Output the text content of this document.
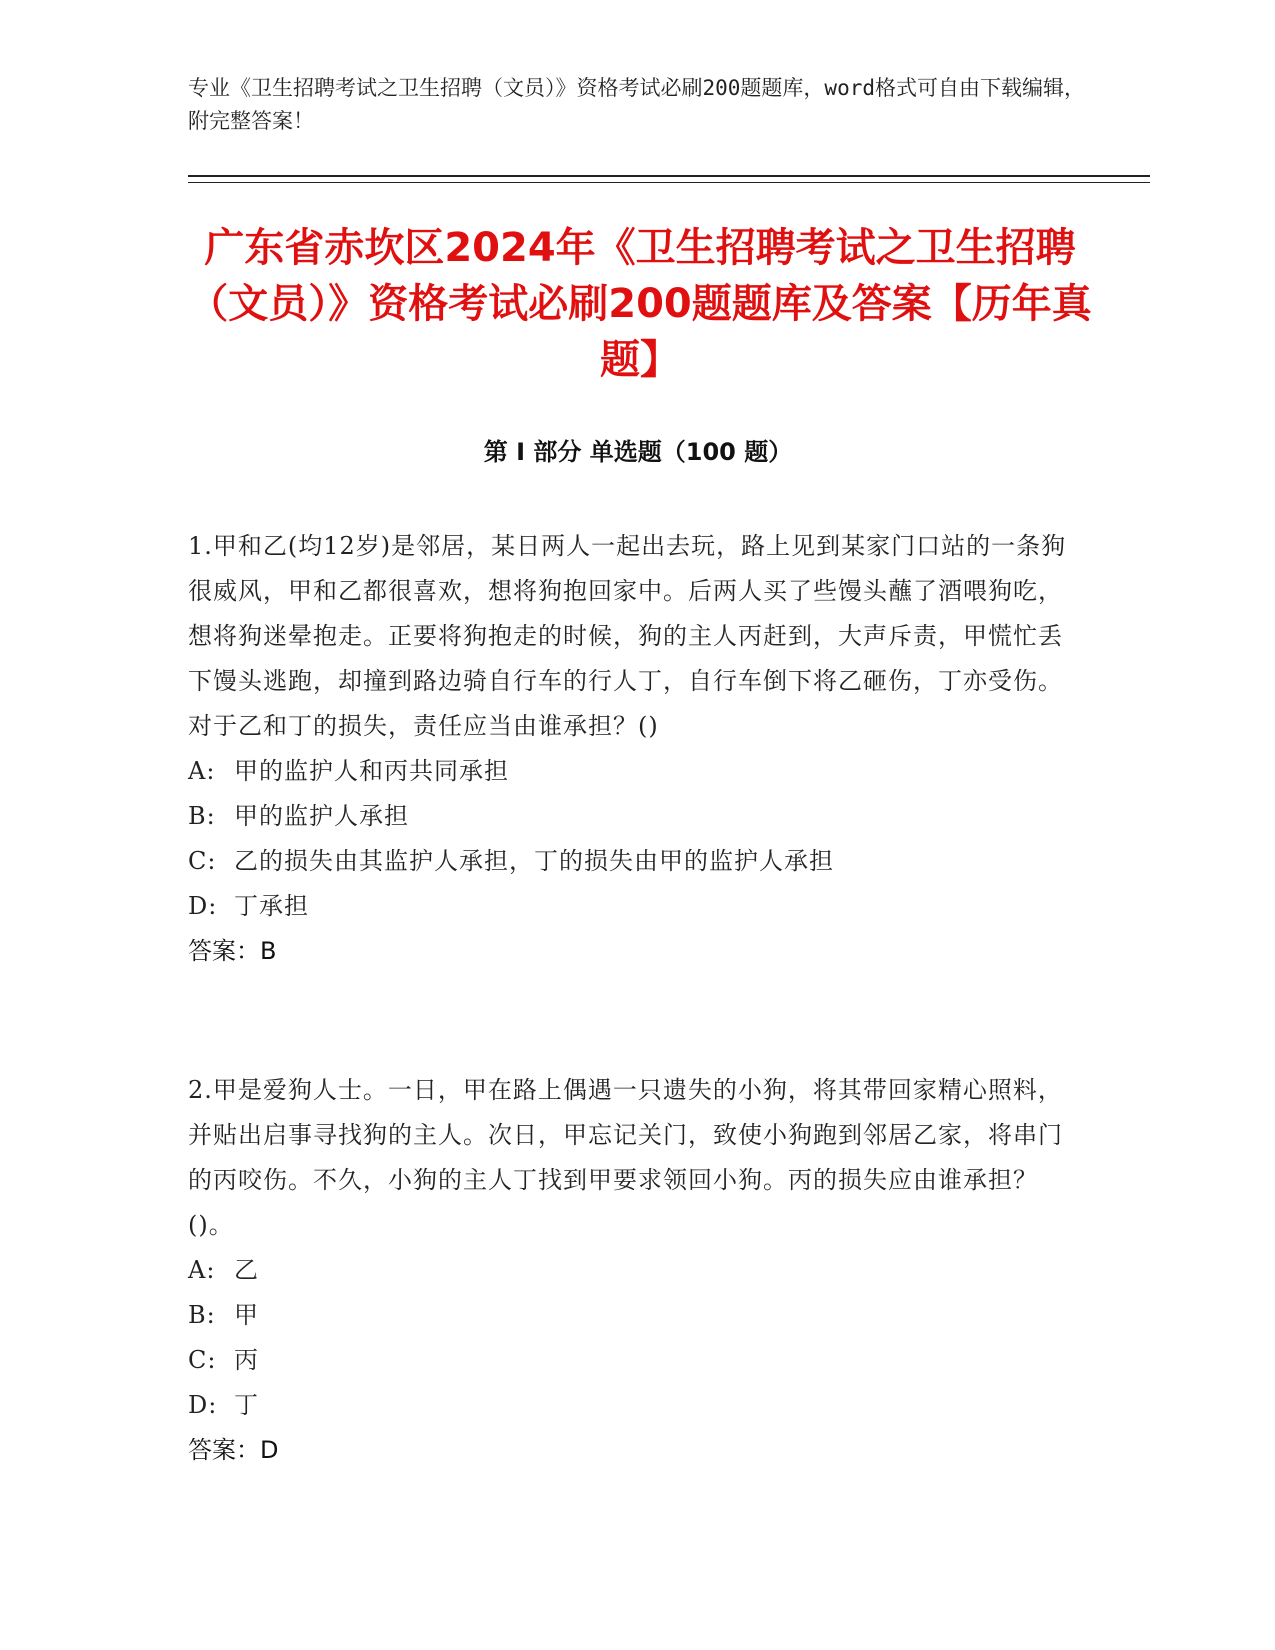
专业《卫生招聘考试之卫生招聘（文员）》资格考试必刷200题题库，word格式可自由下载编辑，附完整答案！
广东省赤坎区2024年《卫生招聘考试之卫生招聘（文员）》资格考试必刷200题题库及答案【历年真题】
第 I 部分 单选题（100 题）
1.甲和乙(均12岁)是邻居，某日两人一起出去玩，路上见到某家门口站的一条狗很威风，甲和乙都很喜欢，想将狗抱回家中。后两人买了些馒头蘸了酒喂狗吃，想将狗迷晕抱走。正要将狗抱走的时候，狗的主人丙赶到，大声斥责，甲慌忙丢下馒头逃跑，却撞到路边骑自行车的行人丁，自行车倒下将乙砸伤，丁亦受伤。对于乙和丁的损失，责任应当由谁承担？()
A: 甲的监护人和丙共同承担
B: 甲的监护人承担
C: 乙的损失由其监护人承担，丁的损失由甲的监护人承担
D: 丁承担
答案：B
2.甲是爱狗人士。一日，甲在路上偶遇一只遗失的小狗，将其带回家精心照料，并贴出启事寻找狗的主人。次日，甲忘记关门，致使小狗跑到邻居乙家，将串门的丙咬伤。不久，小狗的主人丁找到甲要求领回小狗。丙的损失应由谁承担？()。
A: 乙
B: 甲
C: 丙
D: 丁
答案：D
